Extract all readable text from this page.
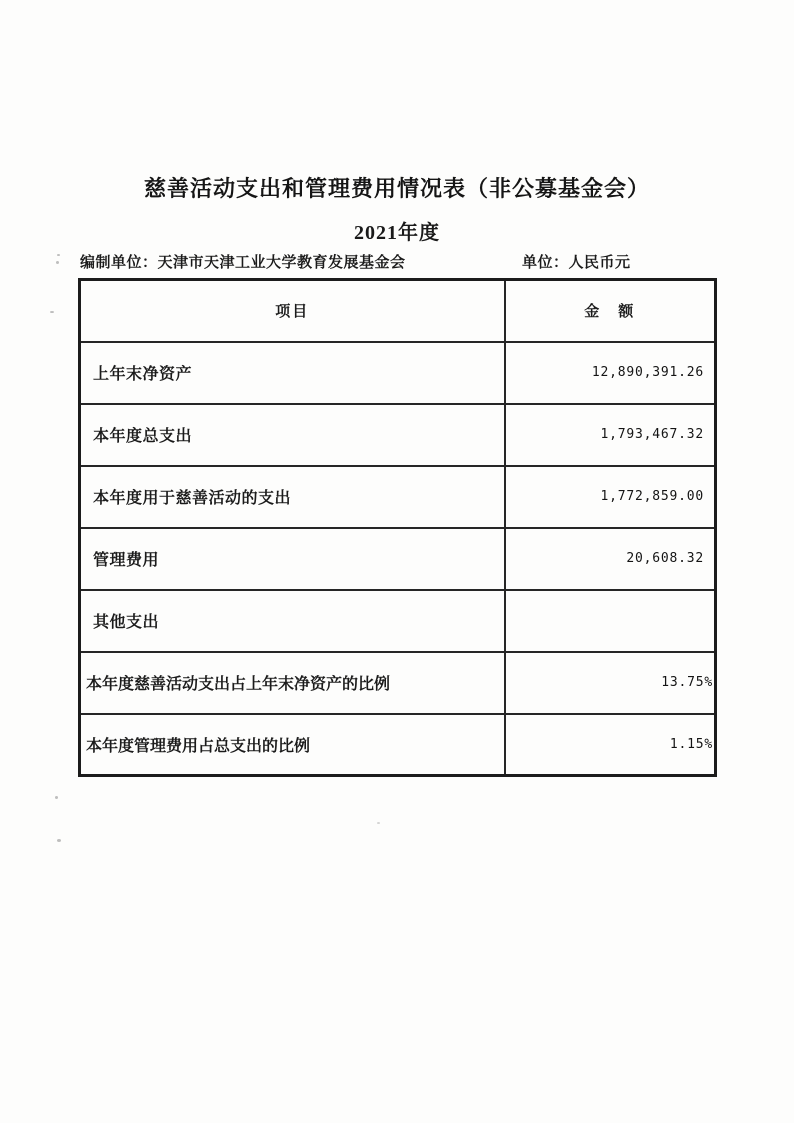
慈善活动支出和管理费用情况表（非公募基金会）
2021年度
编制单位：天津市天津工业大学教育发展基金会	单位：人民币元
项目	金　额
上年末净资产	12,890,391.26
本年度总支出	1,793,467.32
本年度用于慈善活动的支出	1,772,859.00
管理费用	20,608.32
其他支出	
本年度慈善活动支出占上年末净资产的比例	13.75%
本年度管理费用占总支出的比例	1.15%
